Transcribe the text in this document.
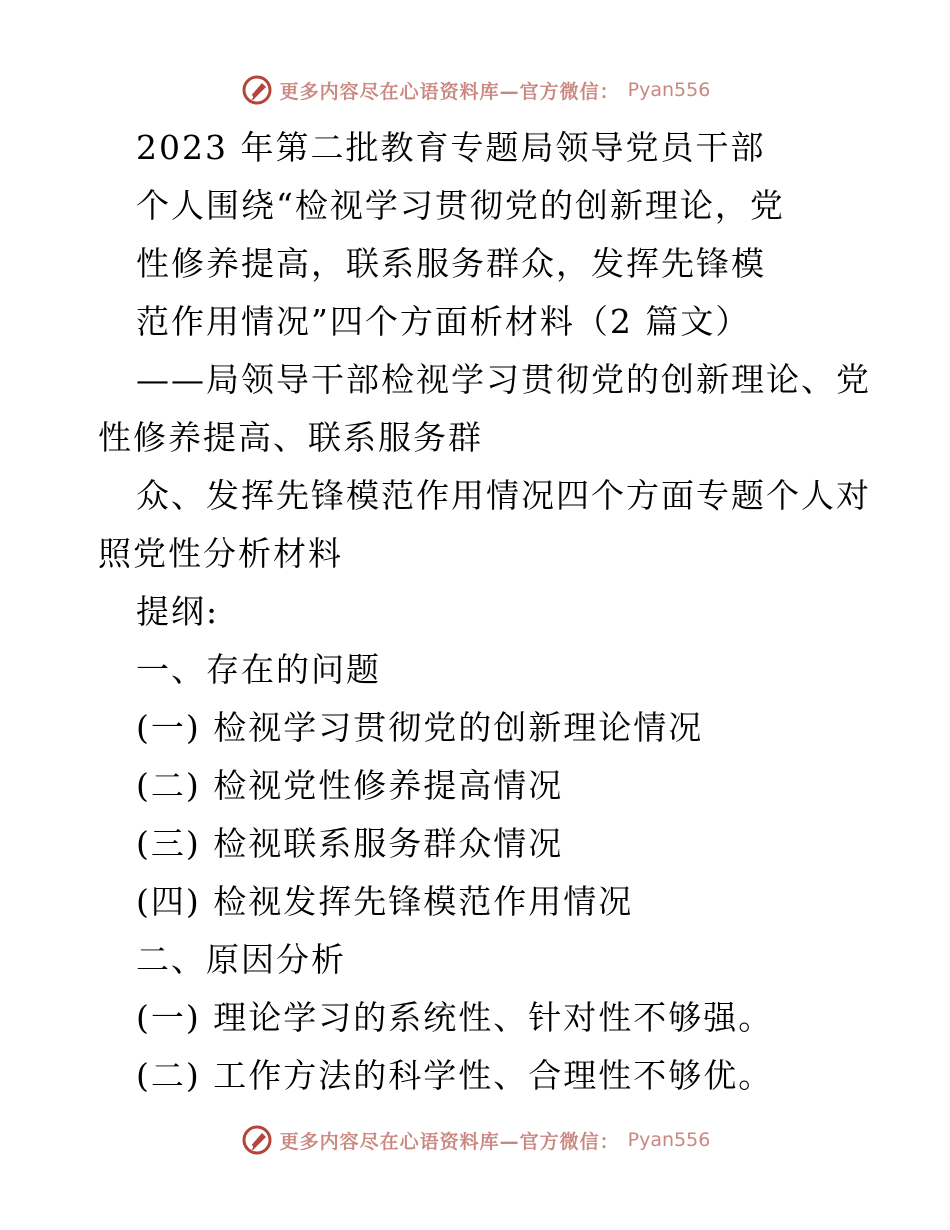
更多内容尽在心语资料库—官方微信： Pyan556
2023 年第二批教育专题局领导党员干部
个人围绕“检视学习贯彻党的创新理论，党
性修养提高，联系服务群众，发挥先锋模
范作用情况”四个方面析材料（2 篇文）
——局领导干部检视学习贯彻党的创新理论、党
性修养提高、联系服务群
众、发挥先锋模范作用情况四个方面专题个人对
照党性分析材料
提纲:
一、存在的问题
(一) 检视学习贯彻党的创新理论情况
(二) 检视党性修养提高情况
(三) 检视联系服务群众情况
(四) 检视发挥先锋模范作用情况
二、原因分析
(一) 理论学习的系统性、针对性不够强。
(二) 工作方法的科学性、合理性不够优。
更多内容尽在心语资料库—官方微信： Pyan556
